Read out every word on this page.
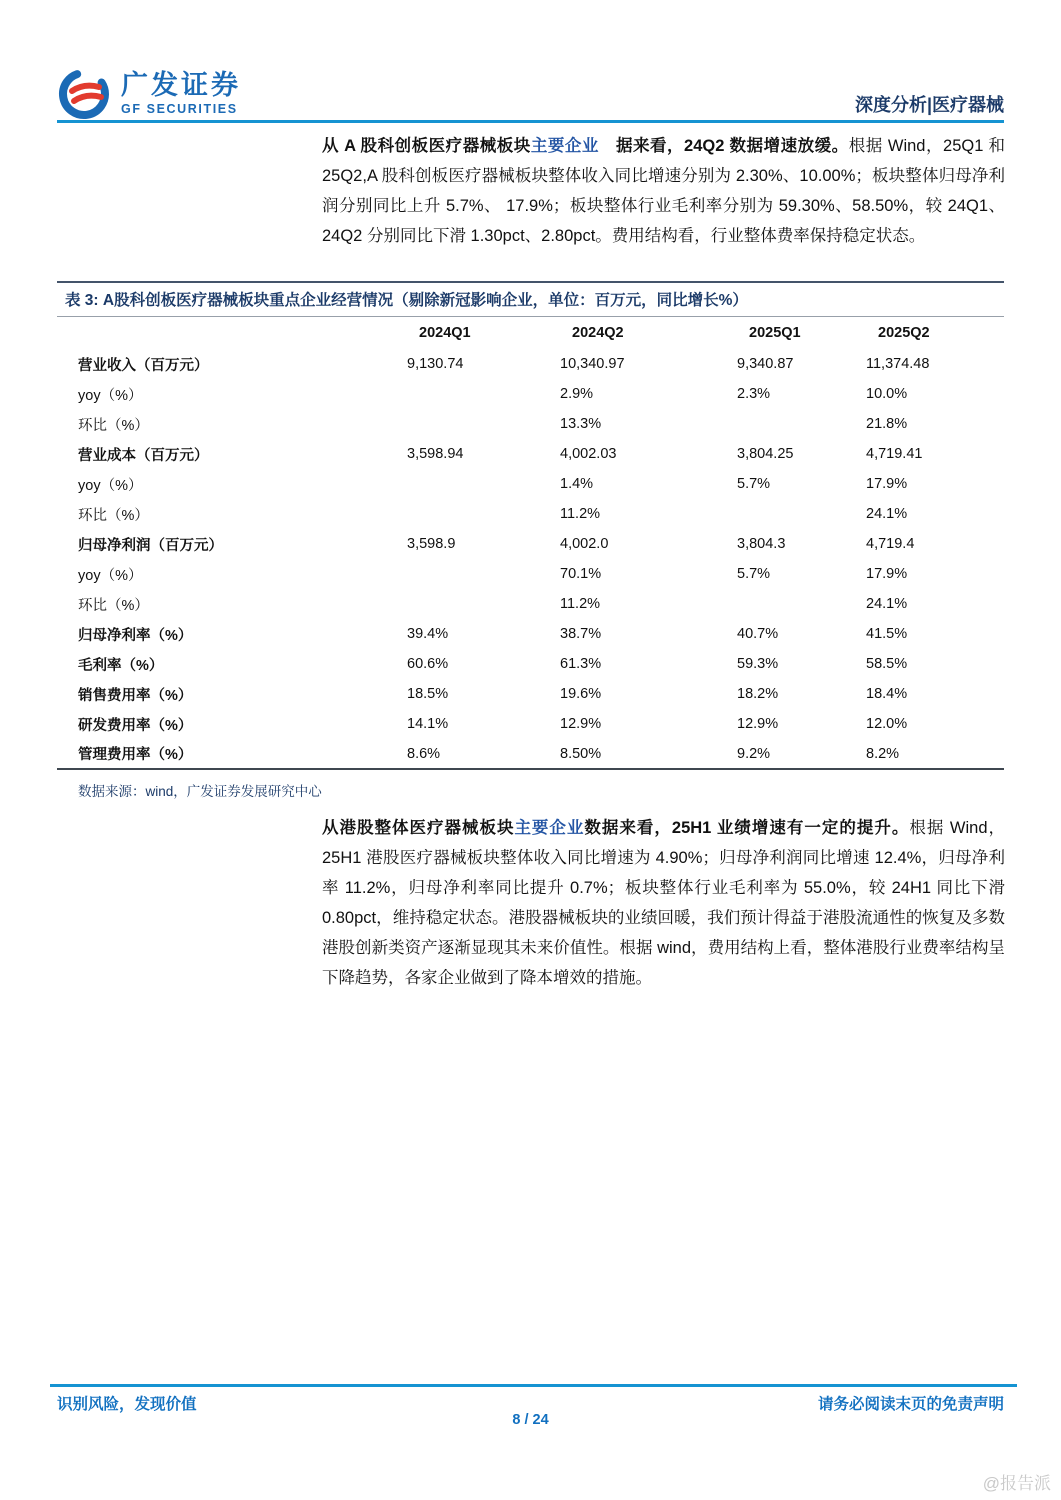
广发证券
GF SECURITIES	深度分析|医疗器械
从 A 股科创板医疗器械板块主要企业　据来看，24Q2 数据增速放缓。根据 Wind，25Q1 和 25Q2,A 股科创板医疗器械板块整体收入同比增速分别为 2.30%、10.00%；板块整体归母净利润分别同比上升 5.7%、 17.9%；板块整体行业毛利率分别为 59.30%、58.50%，较 24Q1、24Q2 分别同比下滑 1.30pct、2.80pct。费用结构看，行业整体费率保持稳定状态。
表 3: A股科创板医疗器械板块重点企业经营情况（剔除新冠影响企业，单位：百万元，同比增长%）
	2024Q1	2024Q2	2025Q1	2025Q2
营业收入（百万元）	9,130.74	10,340.97	9,340.87	11,374.48
yoy（%）		2.9%	2.3%	10.0%
环比（%）		13.3%		21.8%
营业成本（百万元）	3,598.94	4,002.03	3,804.25	4,719.41
yoy（%）		1.4%	5.7%	17.9%
环比（%）		11.2%		24.1%
归母净利润（百万元）	3,598.9	4,002.0	3,804.3	4,719.4
yoy（%）		70.1%	5.7%	17.9%
环比（%）		11.2%		24.1%
归母净利率（%）	39.4%	38.7%	40.7%	41.5%
毛利率（%）	60.6%	61.3%	59.3%	58.5%
销售费用率（%）	18.5%	19.6%	18.2%	18.4%
研发费用率（%）	14.1%	12.9%	12.9%	12.0%
管理费用率（%）	8.6%	8.50%	9.2%	8.2%
数据来源：wind，广发证券发展研究中心
从港股整体医疗器械板块主要企业数据来看，25H1 业绩增速有一定的提升。根据 Wind，25H1 港股医疗器械板块整体收入同比增速为 4.90%；归母净利润同比增速 12.4%，归母净利率 11.2%，归母净利率同比提升 0.7%；板块整体行业毛利率为 55.0%，较 24H1 同比下滑 0.80pct，维持稳定状态。港股器械板块的业绩回暖，我们预计得益于港股流通性的恢复及多数港股创新类资产逐渐显现其未来价值性。根据 wind，费用结构上看，整体港股行业费率结构呈下降趋势，各家企业做到了降本增效的措施。
识别风险，发现价值	请务必阅读末页的免责声明
8 / 24
@报告派
